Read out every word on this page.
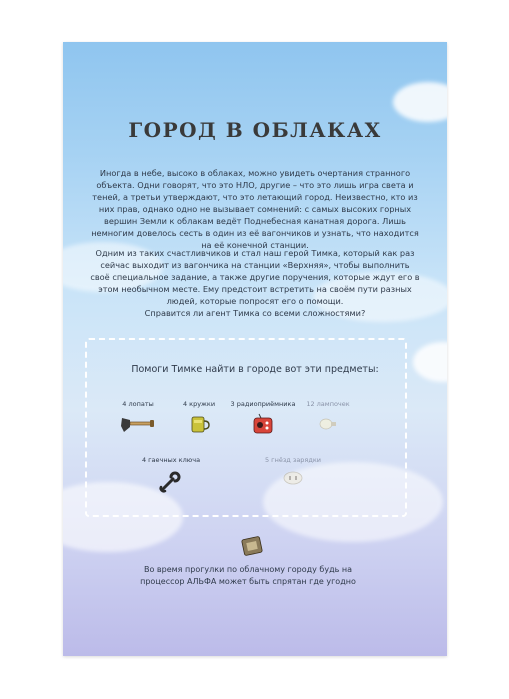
ГОРОД В ОБЛАКАХ
Иногда в небе, высоко в облаках, можно увидеть очертания странного объекта. Одни говорят, что это НЛО, другие – что это лишь игра света и теней, а третьи утверждают, что это летающий город. Неизвестно, кто из них прав, однако одно не вызывает сомнений: с самых высоких горных вершин Земли к облакам ведёт Поднебесная канатная дорога. Лишь немногим довелось сесть в один из её вагончиков и узнать, что находится на её конечной станции.
Одним из таких счастливчиков и стал наш герой Тимка, который как раз сейчас выходит из вагончика на станции «Верхняя», чтобы выполнить своё специальное задание, а также другие поручения, которые ждут его в этом необычном месте. Ему предстоит встретить на своём пути разных людей, которые попросят его о помощи.
Справится ли агент Тимка со всеми сложностями?
Помоги Тимке найти в городе вот эти предметы:
4 лопаты	4 кружки	3 радиоприёмника	12 лампочек
4 гаечных ключа	5 гнёзд зарядки
Во время прогулки по облачному городу будь на
процессор АЛЬФА может быть спрятан где угодно
